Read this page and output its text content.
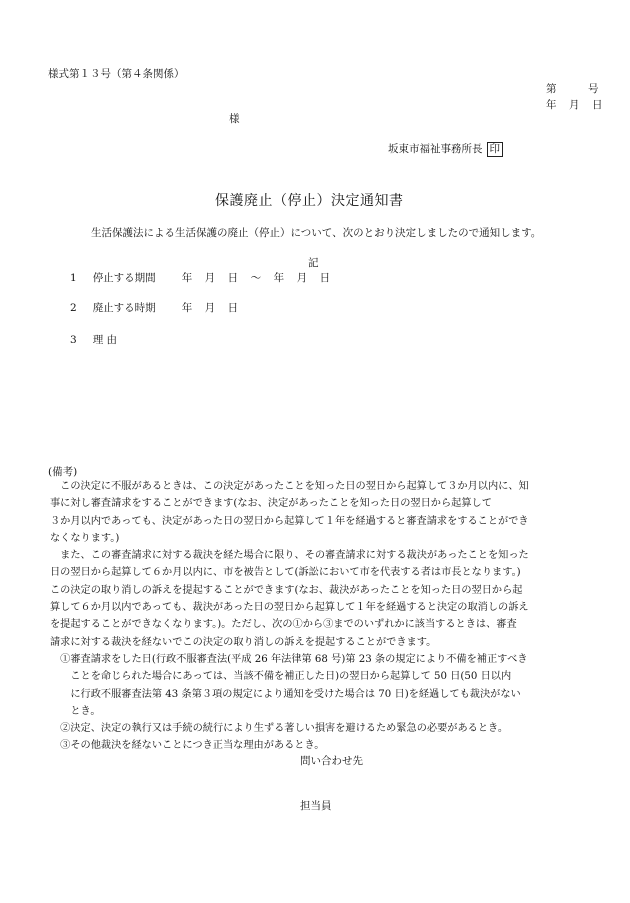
様式第１３号（第４条関係）
第　　　号
年　月　日
様
坂東市福祉事務所長 印
保護廃止（停止）決定通知書
生活保護法による生活保護の廃止（停止）について、次のとおり決定しましたので通知します。
記
1 停止する期間 年　月　日　～　年　月　日
2 廃止する時期 年　月　日
3 理 由
(備考)

　この決定に不服があるときは、この決定があったことを知った日の翌日から起算して３か月以内に、知

事に対し審査請求をすることができます(なお、決定があったことを知った日の翌日から起算して

３か月以内であっても、決定があった日の翌日から起算して１年を経過すると審査請求をすることができ

なくなります。)

　また、この審査請求に対する裁決を経た場合に限り、その審査請求に対する裁決があったことを知った

日の翌日から起算して６か月以内に、市を被告として(訴訟において市を代表する者は市長となります。)

この決定の取り消しの訴えを提起することができます(なお、裁決があったことを知った日の翌日から起

算して６か月以内であっても、裁決があった日の翌日から起算して１年を経過すると決定の取消しの訴え

を提起することができなくなります。)。ただし、次の①から③までのいずれかに該当するときは、審査

請求に対する裁決を経ないでこの決定の取り消しの訴えを提起することができます。

　①審査請求をした日(行政不服審査法(平成 26 年法律第 68 号)第 23 条の規定により不備を補正すべき

　　ことを命じられた場合にあっては、当該不備を補正した日)の翌日から起算して 50 日(50 日以内

　　に行政不服審査法第 43 条第３項の規定により通知を受けた場合は 70 日)を経過しても裁決がない

　　とき。

　②決定、決定の執行又は手続の続行により生ずる著しい損害を避けるため緊急の必要があるとき。

　③その他裁決を経ないことにつき正当な理由があるとき。

問い合わせ先
担当員
